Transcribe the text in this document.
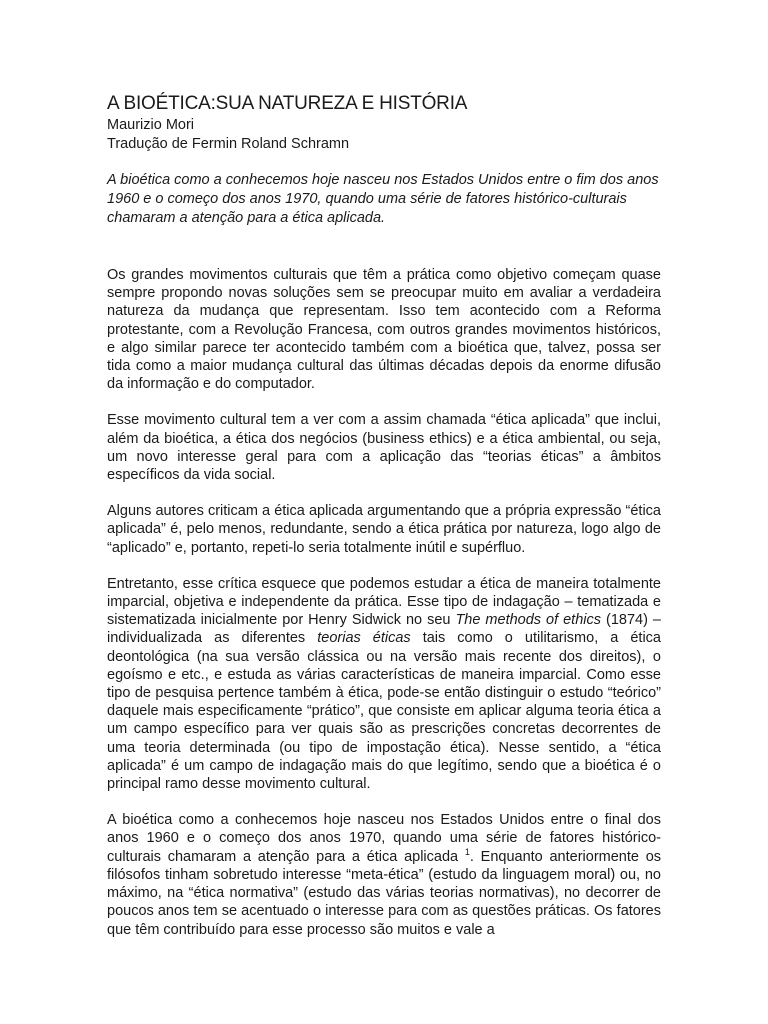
A BIOÉTICA:SUA NATUREZA E HISTÓRIA

Maurizio Mori

Tradução de Fermin Roland Schramn

A bioética como a conhecemos hoje nasceu nos Estados Unidos entre o fim dos anos 1960 e o começo dos anos 1970, quando uma série de fatores histórico-culturais chamaram a atenção para a ética aplicada.

Os grandes movimentos culturais que têm a prática como objetivo começam quase sempre propondo novas soluções sem se preocupar muito em avaliar a verdadeira natureza da mudança que representam. Isso tem acontecido com a Reforma protestante, com a Revolução Francesa, com outros grandes movimentos históricos, e algo similar parece ter acontecido também com a bioética que, talvez, possa ser tida como a maior mudança cultural das últimas décadas depois da enorme difusão da informação e do computador.

Esse movimento cultural tem a ver com a assim chamada “ética aplicada” que inclui, além da bioética, a ética dos negócios (business ethics) e a ética ambiental, ou seja, um novo interesse geral para com a aplicação das “teorias éticas” a âmbitos específicos da vida social.

Alguns autores criticam a ética aplicada argumentando que a própria expressão “ética aplicada” é, pelo menos, redundante, sendo a ética prática por natureza, logo algo de “aplicado” e, portanto, repeti-lo seria totalmente inútil e supérfluo.

Entretanto, esse crítica esquece que podemos estudar a ética de maneira totalmente imparcial, objetiva e independente da prática. Esse tipo de indagação – tematizada e sistematizada inicialmente por Henry Sidwick no seu The methods of ethics (1874) – individualizada as diferentes teorias éticas tais como o utilitarismo, a ética deontológica (na sua versão clássica ou na versão mais recente dos direitos), o egoísmo e etc., e estuda as várias características de maneira imparcial. Como esse tipo de pesquisa pertence também à ética, pode-se então distinguir o estudo “teórico” daquele mais especificamente “prático”, que consiste em aplicar alguma teoria ética a um campo específico para ver quais são as prescrições concretas decorrentes de uma teoria determinada (ou tipo de impostação ética). Nesse sentido, a “ética aplicada” é um campo de indagação mais do que legítimo, sendo que a bioética é o principal ramo desse movimento cultural.

A bioética como a conhecemos hoje nasceu nos Estados Unidos entre o final dos anos 1960 e o começo dos anos 1970, quando uma série de fatores histórico-culturais chamaram a atenção para a ética aplicada $^1$. Enquanto anteriormente os filósofos tinham sobretudo interesse “meta-ética” (estudo da linguagem moral) ou, no máximo, na “ética normativa” (estudo das várias teorias normativas), no decorrer de poucos anos tem se acentuado o interesse para com as questões práticas. Os fatores que têm contribuído para esse processo são muitos e vale a
